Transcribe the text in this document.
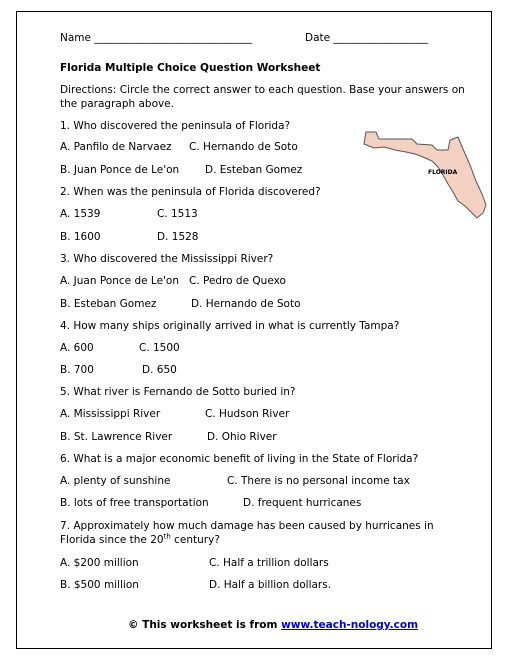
Name ______________________________	Date __________________
Florida Multiple Choice Question Worksheet
Directions: Circle the correct answer to each question. Base your answers on
the paragraph above.
FLORIDA
1. Who discovered the peninsula of Florida?
A. Panfilo de Narvaez C. Hernando de Soto
B. Juan Ponce de Le'on D. Esteban Gomez
2. When was the peninsula of Florida discovered?
A. 1539	C. 1513
B. 1600	D. 1528
3. Who discovered the Mississippi River?
A. Juan Ponce de Le'on C. Pedro de Quexo
B. Esteban Gomez	D. Hernando de Soto
4. How many ships originally arrived in what is currently Tampa?
A. 600	C. 1500
B. 700	D. 650
5. What river is Fernando de Sotto buried in?
A. Mississippi River	C. Hudson River
B. St. Lawrence River	D. Ohio River
6. What is a major economic benefit of living in the State of Florida?
A. plenty of sunshine	C. There is no personal income tax
B. lots of free transportation	D. frequent hurricanes
7. Approximately how much damage has been caused by hurricanes in
Florida since the 20th century?
A. $200 million	C. Half a trillion dollars
B. $500 million	D. Half a billion dollars.
© This worksheet is from www.teach-nology.com
